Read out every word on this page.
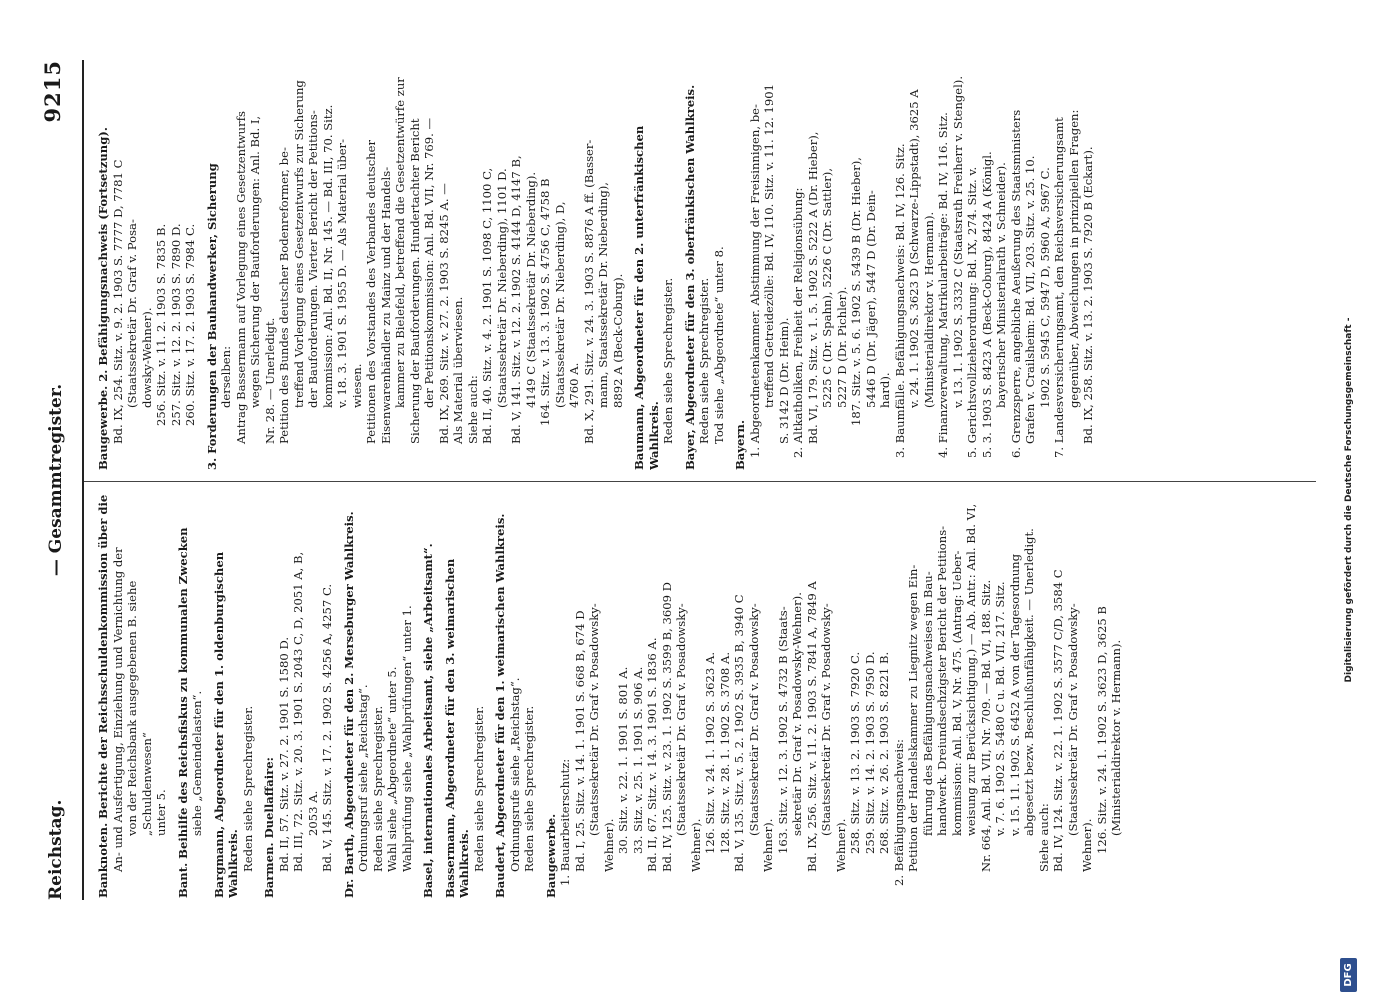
Reichstag.
— Gesammtregister.
9215
Banknoten. Berichte der Reichsschuldenkommission über die An- und Ausfertigung, Einziehung und Vernichtung der von der Reichsbank ausgegebenen B. siehe „Schuldenwesen“ unter 5. Bant. Beihilfe des Reichsfiskus zu kommunalen Zwecken siehe „Gemeindelasten“. Bargmann, Abgeordneter für den 1. oldenburgischen Wahlkreis. Reden siehe Sprechregister. Barmen. Duellaffaire: Bd. II, 57. Sitz. v. 27. 2. 1901 S. 1580 D. Bd. III, 72. Sitz. v. 20. 3. 1901 S. 2043 C, D, 2051 A, B, 2053 A. Bd. V, 145. Sitz. v. 17. 2. 1902 S. 4256 A, 4257 C. Dr. Barth, Abgeordneter für den 2. Merseburger Wahlkreis. Ordnungsruf siehe „Reichstag“. Reden siehe Sprechregister. Wahl siehe „Abgeordnete“ unter 5. Wahlprüfung siehe „Wahlprüfungen“ unter 1. Basel, internationales Arbeitsamt, siehe „Arbeitsamt“. Bassermann, Abgeordneter für den 3. weimarischen Wahlkreis. Reden siehe Sprechregister. Baudert, Abgeordneter für den 1. weimarischen Wahlkreis. Ordnungsrufe siehe „Reichstag“. Reden siehe Sprechregister. Baugewerbe. 1. Bauarbeiterschutz: Bd. I, 25. Sitz. v. 14. 1. 1901 S. 668 B, 674 D (Staatssekretär Dr. Graf v. Posadowsky-
Wehner). 30. Sitz. v. 22. 1. 1901 S. 801 A. 33. Sitz. v. 25. 1. 1901 S. 906 A. Bd. II, 67. Sitz. v. 14. 3. 1901 S. 1836 A. Bd. IV, 125. Sitz. v. 23. 1. 1902 S. 3599 B, 3609 D (Staatssekretär Dr. Graf v. Posadowsky-
Wehner). 126. Sitz. v. 24. 1. 1902 S. 3623 A. 128. Sitz. v. 28. 1. 1902 S. 3708 A. Bd. V, 135. Sitz. v. 5. 2. 1902 S. 3935 B, 3940 C (Staatssekretär Dr. Graf v. Posadowsky-
Wehner). 163. Sitz. v. 12. 3. 1902 S. 4732 B (Staats- sekretär Dr. Graf v. Posadowsky-Wehner). Bd. IX, 256. Sitz. v. 11. 2. 1903 S. 7841 A, 7849 A (Staatssekretär Dr. Graf v. Posadowsky-
Wehner). 258. Sitz. v. 13. 2. 1903 S. 7920 C. 259. Sitz. v. 14. 2. 1903 S. 7950 D. 268. Sitz. v. 26. 2. 1903 S. 8221 B. 2. Befähigungsnachweis: Petition der Handelskammer zu Liegnitz wegen Ein- führung des Befähigungsnachweises im Bau- handwerk. Dreiundsechzigster Bericht der Petitions- kommission: Anl. Bd. V, Nr. 475. (Antrag: Ueber- weisung zur Berücksichtigung.) — Ab. Antr.: Anl. Bd. VI, Nr. 664, Anl. Bd. VII, Nr. 709. — Bd. VI, 188. Sitz. v. 7. 6. 1902 S. 5480 C u. Bd. VII, 217. Sitz. v. 15. 11. 1902 S. 6452 A von der Tagesordnung abgesetzt bezw. Beschlußunfähigkeit. — Unerledigt.
Siehe auch: Bd. IV, 124. Sitz. v. 22. 1. 1902 S. 3577 C/D, 3584 C (Staatssekretär Dr. Graf v. Posadowsky-
Wehner). 126. Sitz. v. 24. 1. 1902 S. 3623 D, 3625 B (Ministerialdirektor v. Hermann).
Baugewerbe. 2. Befähigungsnachweis (Fortsetzung). Bd. IX, 254. Sitz. v. 9. 2. 1903 S. 7777 D, 7781 C (Staatssekretär Dr. Graf v. Posa- dowsky-Wehner). 256. Sitz. v. 11. 2. 1903 S. 7835 B. 257. Sitz. v. 12. 2. 1903 S. 7890 D. 260. Sitz. v. 17. 2. 1903 S. 7984 C. 3. Forderungen der Bauhandwerker, Sicherung derselben: Antrag Bassermann auf Vorlegung eines Gesetzentwurfs wegen Sicherung der Bauforderungen: Anl. Bd. I, Nr. 28. — Unerledigt. Petition des Bundes deutscher Bodenreformer, be- treffend Vorlegung eines Gesetzentwurfs zur Sicherung der Bauforderungen. Vierter Bericht der Petitions- kommission: Anl. Bd. II, Nr. 145. — Bd. III, 70. Sitz. v. 18. 3. 1901 S. 1955 D. — Als Material über- wiesen. Petitionen des Vorstandes des Verbandes deutscher Eisenwarenhändler zu Mainz und der Handels- kammer zu Bielefeld, betreffend die Gesetzentwürfe zur Sicherung der Bauforderungen. Hundertachter Bericht der Petitionskommission: Anl. Bd. VII, Nr. 769. — Bd. IX, 269. Sitz. v. 27. 2. 1903 S. 8245 A. — Als Material überwiesen. Siehe auch: Bd. II, 40. Sitz. v. 4. 2. 1901 S. 1098 C, 1100 C, (Staatssekretär Dr. Nieberding), 1101 D. Bd. V, 141. Sitz. v. 12. 2. 1902 S. 4144 D, 4147 B, 4149 C (Staatssekretär Dr. Nieberding). 164. Sitz. v. 13. 3. 1902 S. 4756 C, 4758 B (Staatssekretär Dr. Nieberding), D, 4760 A. Bd. X, 291. Sitz. v. 24. 3. 1903 S. 8876 A ff. (Basser- mann, Staatssekretär Dr. Nieberding), 8892 A (Beck-Coburg). Baumann, Abgeordneter für den 2. unterfränkischen Wahlkreis. Reden siehe Sprechregister. Bayer, Abgeordneter für den 3. oberfränkischen Wahlkreis. Reden siehe Sprechregister. Tod siehe „Abgeordnete“ unter 8.
Bayern. 1. Abgeordnetenkammer. Abstimmung der Freisinnigen, be- treffend Getreidezölle: Bd. IV, 110. Sitz. v. 11. 12. 1901 S. 3142 D (Dr. Heim). 2. Altkatholiken, Freiheit der Religionsübung: Bd. VI, 179. Sitz. v. 1. 5. 1902 S. 5222 A (Dr. Hieber), 5225 C (Dr. Spahn), 5226 C (Dr. Sattler), 5227 D (Dr. Pichler). 187. Sitz. v. 5. 6. 1902 S. 5439 B (Dr. Hieber), 5446 D (Dr. Jäger), 5447 D (Dr. Dein- hard). 3. Baumfälle. Befähigungsnachweis: Bd. IV, 126. Sitz. v. 24. 1. 1902 S. 3623 D (Schwarze-Lippstadt), 3625 A (Ministerialdirektor v. Hermann). 4. Finanzverwaltung, Matrikularbeiträge: Bd. IV, 116. Sitz. v. 13. 1. 1902 S. 3332 C (Staatsrath Freiherr v. Stengel). 5. Gerichtsvollzieherordnung: Bd. IX, 274. Sitz. v. 5. 3. 1903 S. 8423 A (Beck-Coburg), 8424 A (Königl. bayerischer Ministerialrath v. Schneider). 6. Grenzsperre, angebliche Aeußerung des Staatsministers Grafen v. Crailsheim: Bd. VII, 203. Sitz. v. 25. 10. 1902 S. 5945 C, 5947 D, 5960 A, 5967 C. 7. Landesversicherungsamt, den Reichsversicherungsamt gegenüber, Abweichungen in prinzipiellen Fragen: Bd. IX, 258. Sitz. v. 13. 2. 1903 S. 7920 B (Eckart).
DFG
Digitalisierung gefördert durch die Deutsche Forschungsgemeinschaft -
